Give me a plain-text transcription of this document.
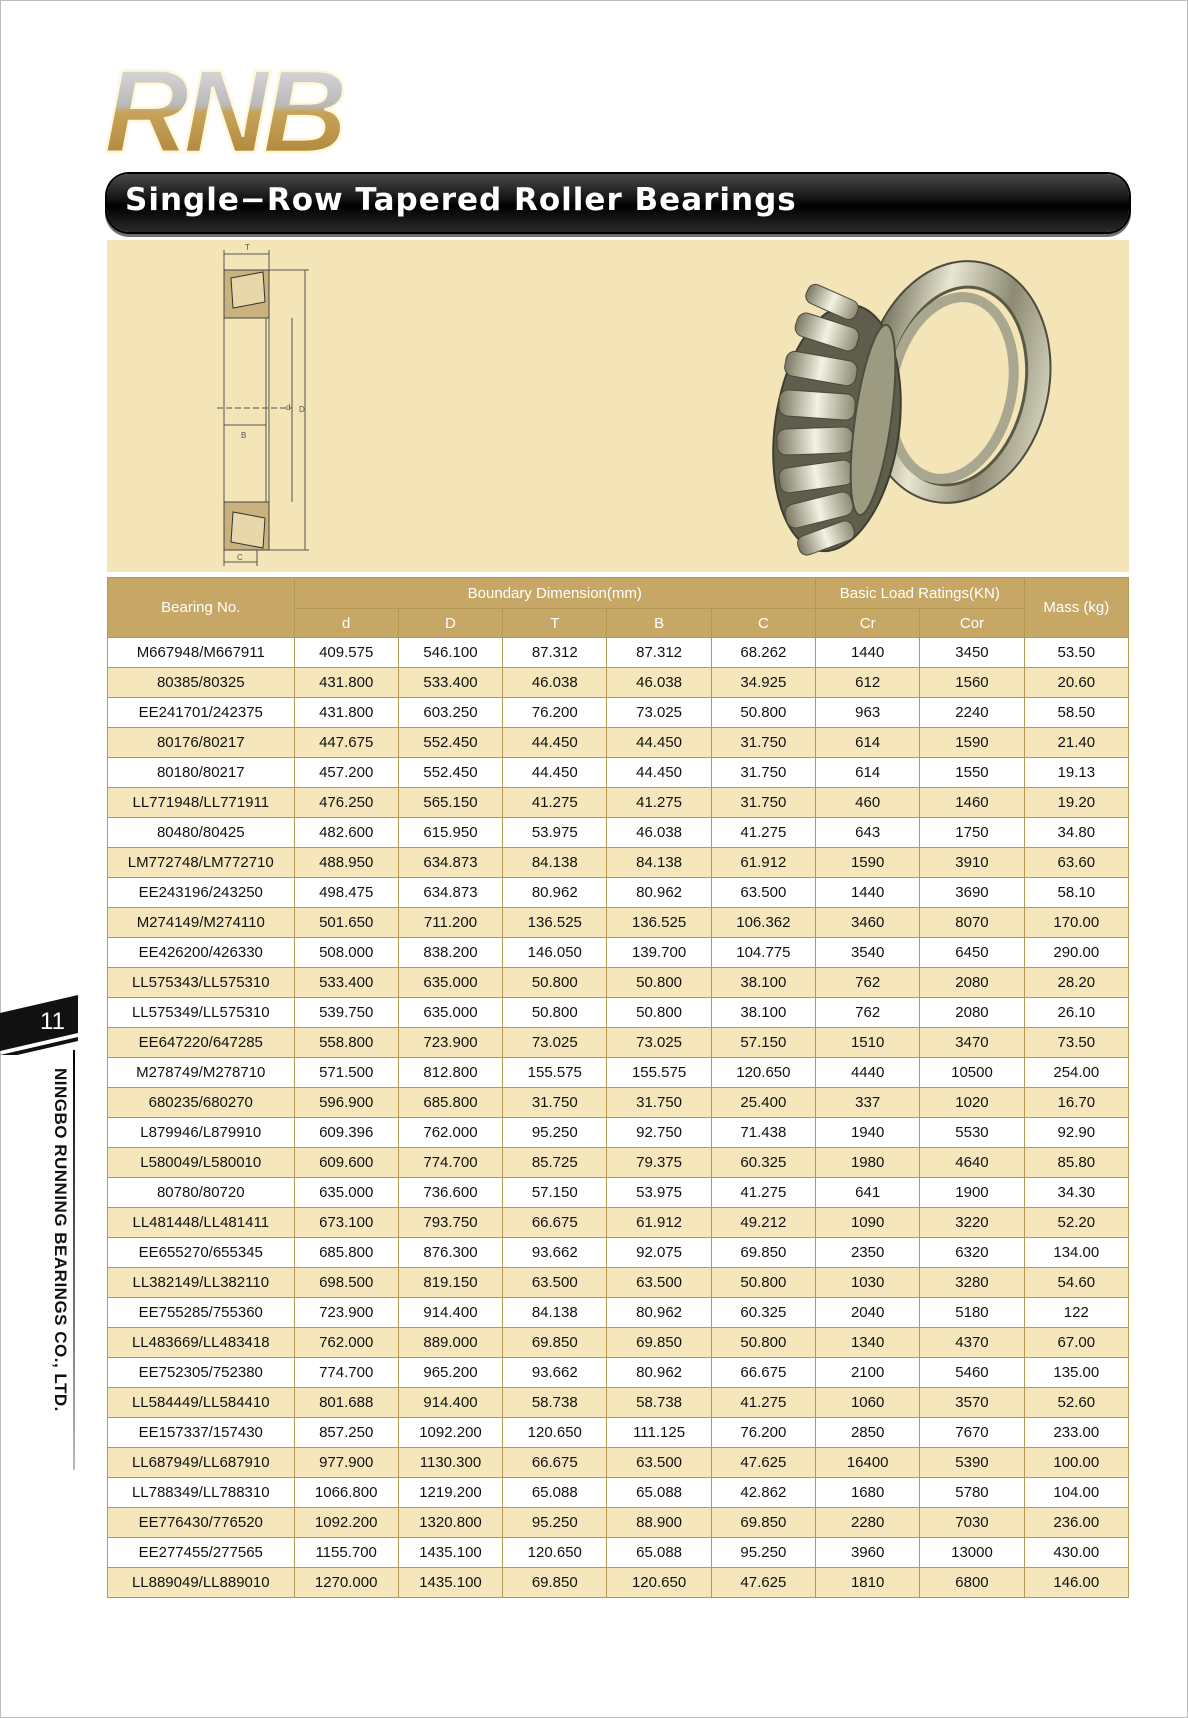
RNB
Single−Row Tapered Roller Bearings
T
d D
B
C
Bearing No.	Boundary Dimension(mm)					Basic Load Ratings(KN)		Mass (kg)
	d	D	T	B	C	Cr	Cor	
M667948/M667911	409.575	546.100	87.312	87.312	68.262	1440	3450	53.50
80385/80325	431.800	533.400	46.038	46.038	34.925	612	1560	20.60
EE241701/242375	431.800	603.250	76.200	73.025	50.800	963	2240	58.50
80176/80217	447.675	552.450	44.450	44.450	31.750	614	1590	21.40
80180/80217	457.200	552.450	44.450	44.450	31.750	614	1550	19.13
LL771948/LL771911	476.250	565.150	41.275	41.275	31.750	460	1460	19.20
80480/80425	482.600	615.950	53.975	46.038	41.275	643	1750	34.80
LM772748/LM772710	488.950	634.873	84.138	84.138	61.912	1590	3910	63.60
EE243196/243250	498.475	634.873	80.962	80.962	63.500	1440	3690	58.10
M274149/M274110	501.650	711.200	136.525	136.525	106.362	3460	8070	170.00
EE426200/426330	508.000	838.200	146.050	139.700	104.775	3540	6450	290.00
LL575343/LL575310	533.400	635.000	50.800	50.800	38.100	762	2080	28.20
LL575349/LL575310	539.750	635.000	50.800	50.800	38.100	762	2080	26.10
EE647220/647285	558.800	723.900	73.025	73.025	57.150	1510	3470	73.50
M278749/M278710	571.500	812.800	155.575	155.575	120.650	4440	10500	254.00
680235/680270	596.900	685.800	31.750	31.750	25.400	337	1020	16.70
L879946/L879910	609.396	762.000	95.250	92.750	71.438	1940	5530	92.90
L580049/L580010	609.600	774.700	85.725	79.375	60.325	1980	4640	85.80
80780/80720	635.000	736.600	57.150	53.975	41.275	641	1900	34.30
LL481448/LL481411	673.100	793.750	66.675	61.912	49.212	1090	3220	52.20
EE655270/655345	685.800	876.300	93.662	92.075	69.850	2350	6320	134.00
LL382149/LL382110	698.500	819.150	63.500	63.500	50.800	1030	3280	54.60
EE755285/755360	723.900	914.400	84.138	80.962	60.325	2040	5180	122
LL483669/LL483418	762.000	889.000	69.850	69.850	50.800	1340	4370	67.00
EE752305/752380	774.700	965.200	93.662	80.962	66.675	2100	5460	135.00
LL584449/LL584410	801.688	914.400	58.738	58.738	41.275	1060	3570	52.60
EE157337/157430	857.250	1092.200	120.650	111.125	76.200	2850	7670	233.00
LL687949/LL687910	977.900	1130.300	66.675	63.500	47.625	16400	5390	100.00
LL788349/LL788310	1066.800	1219.200	65.088	65.088	42.862	1680	5780	104.00
EE776430/776520	1092.200	1320.800	95.250	88.900	69.850	2280	7030	236.00
EE277455/277565	1155.700	1435.100	120.650	65.088	95.250	3960	13000	430.00
LL889049/LL889010	1270.000	1435.100	69.850	120.650	47.625	1810	6800	146.00
11
NINGBO RUNNING BEARINGS CO., LTD.
